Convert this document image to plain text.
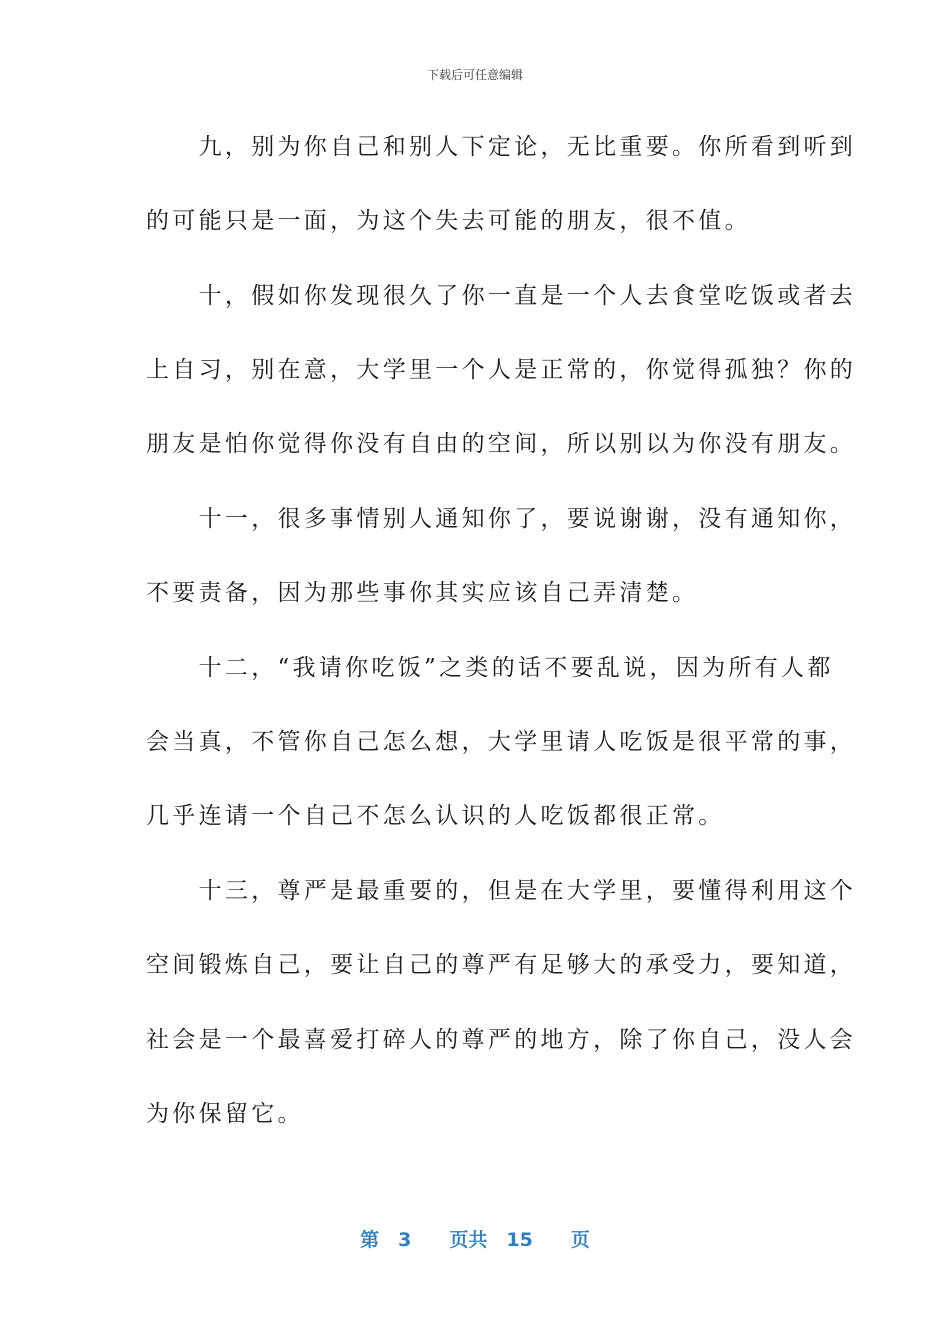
下载后可任意编辑
　　九，别为你自己和别人下定论，无比重要。你所看到听到
的可能只是一面，为这个失去可能的朋友，很不值。
　　十，假如你发现很久了你一直是一个人去食堂吃饭或者去
上自习，别在意，大学里一个人是正常的，你觉得孤独？你的
朋友是怕你觉得你没有自由的空间，所以别以为你没有朋友。
　　十一，很多事情别人通知你了，要说谢谢，没有通知你，
不要责备，因为那些事你其实应该自己弄清楚。
　　十二，“我请你吃饭”之类的话不要乱说，因为所有人都
会当真，不管你自己怎么想，大学里请人吃饭是很平常的事，
几乎连请一个自己不怎么认识的人吃饭都很正常。
　　十三，尊严是最重要的，但是在大学里，要懂得利用这个
空间锻炼自己，要让自己的尊严有足够大的承受力，要知道，
社会是一个最喜爱打碎人的尊严的地方，除了你自己，没人会
为你保留它。
第　3　　页共　15　　页
